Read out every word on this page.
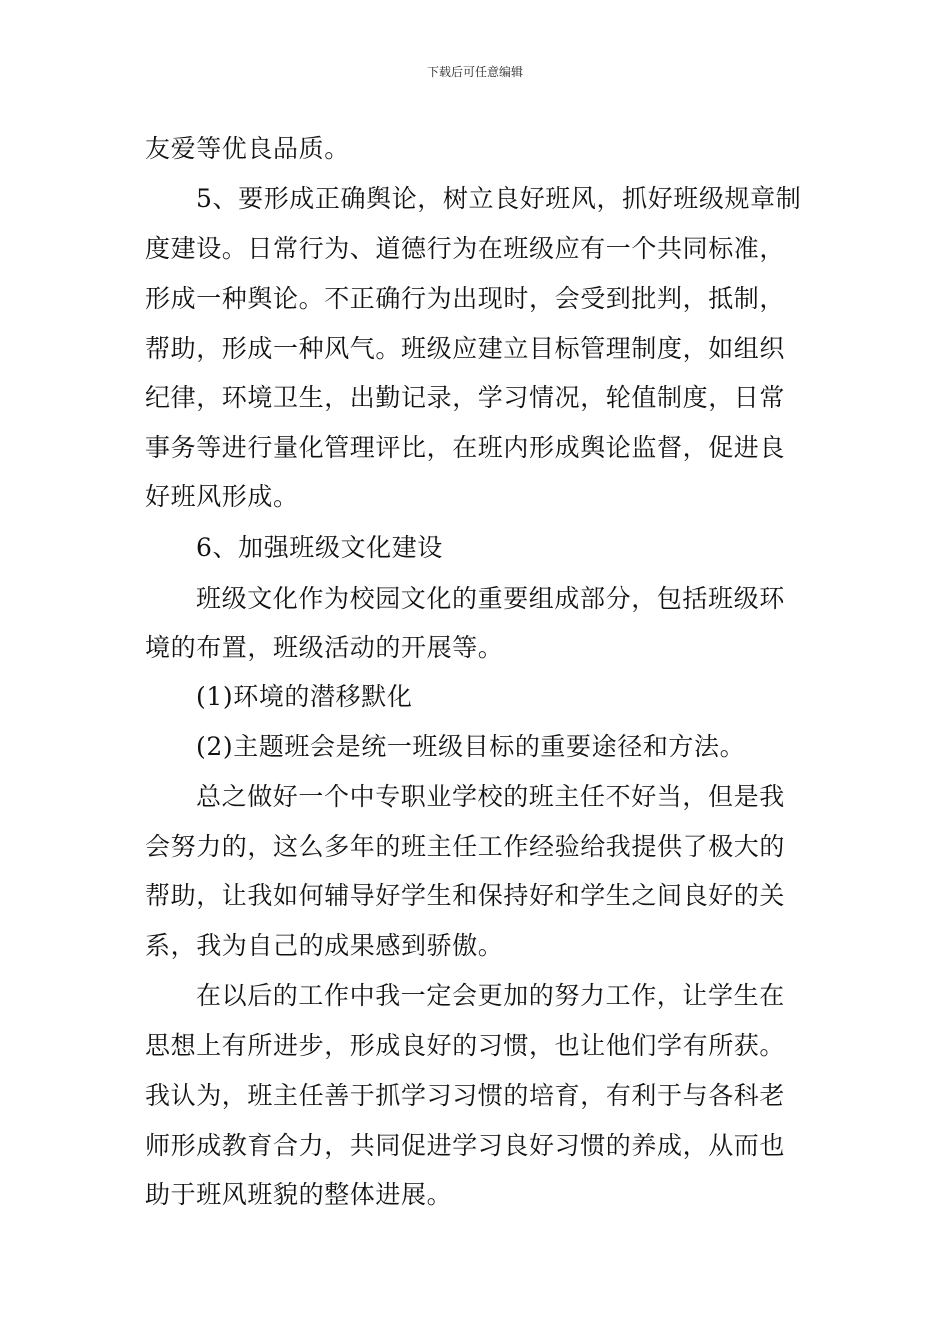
下载后可任意编辑
友爱等优良品质。
5、要形成正确舆论，树立良好班风，抓好班级规章制
度建设。日常行为、道德行为在班级应有一个共同标准，
形成一种舆论。不正确行为出现时，会受到批判，抵制，
帮助，形成一种风气。班级应建立目标管理制度，如组织
纪律，环境卫生，出勤记录，学习情况，轮值制度，日常
事务等进行量化管理评比，在班内形成舆论监督，促进良
好班风形成。
6、加强班级文化建设
班级文化作为校园文化的重要组成部分，包括班级环
境的布置，班级活动的开展等。
(1)环境的潜移默化
(2)主题班会是统一班级目标的重要途径和方法。
总之做好一个中专职业学校的班主任不好当，但是我
会努力的，这么多年的班主任工作经验给我提供了极大的
帮助，让我如何辅导好学生和保持好和学生之间良好的关
系，我为自己的成果感到骄傲。
在以后的工作中我一定会更加的努力工作，让学生在
思想上有所进步，形成良好的习惯，也让他们学有所获。
我认为，班主任善于抓学习习惯的培育，有利于与各科老
师形成教育合力，共同促进学习良好习惯的养成，从而也
助于班风班貌的整体进展。
